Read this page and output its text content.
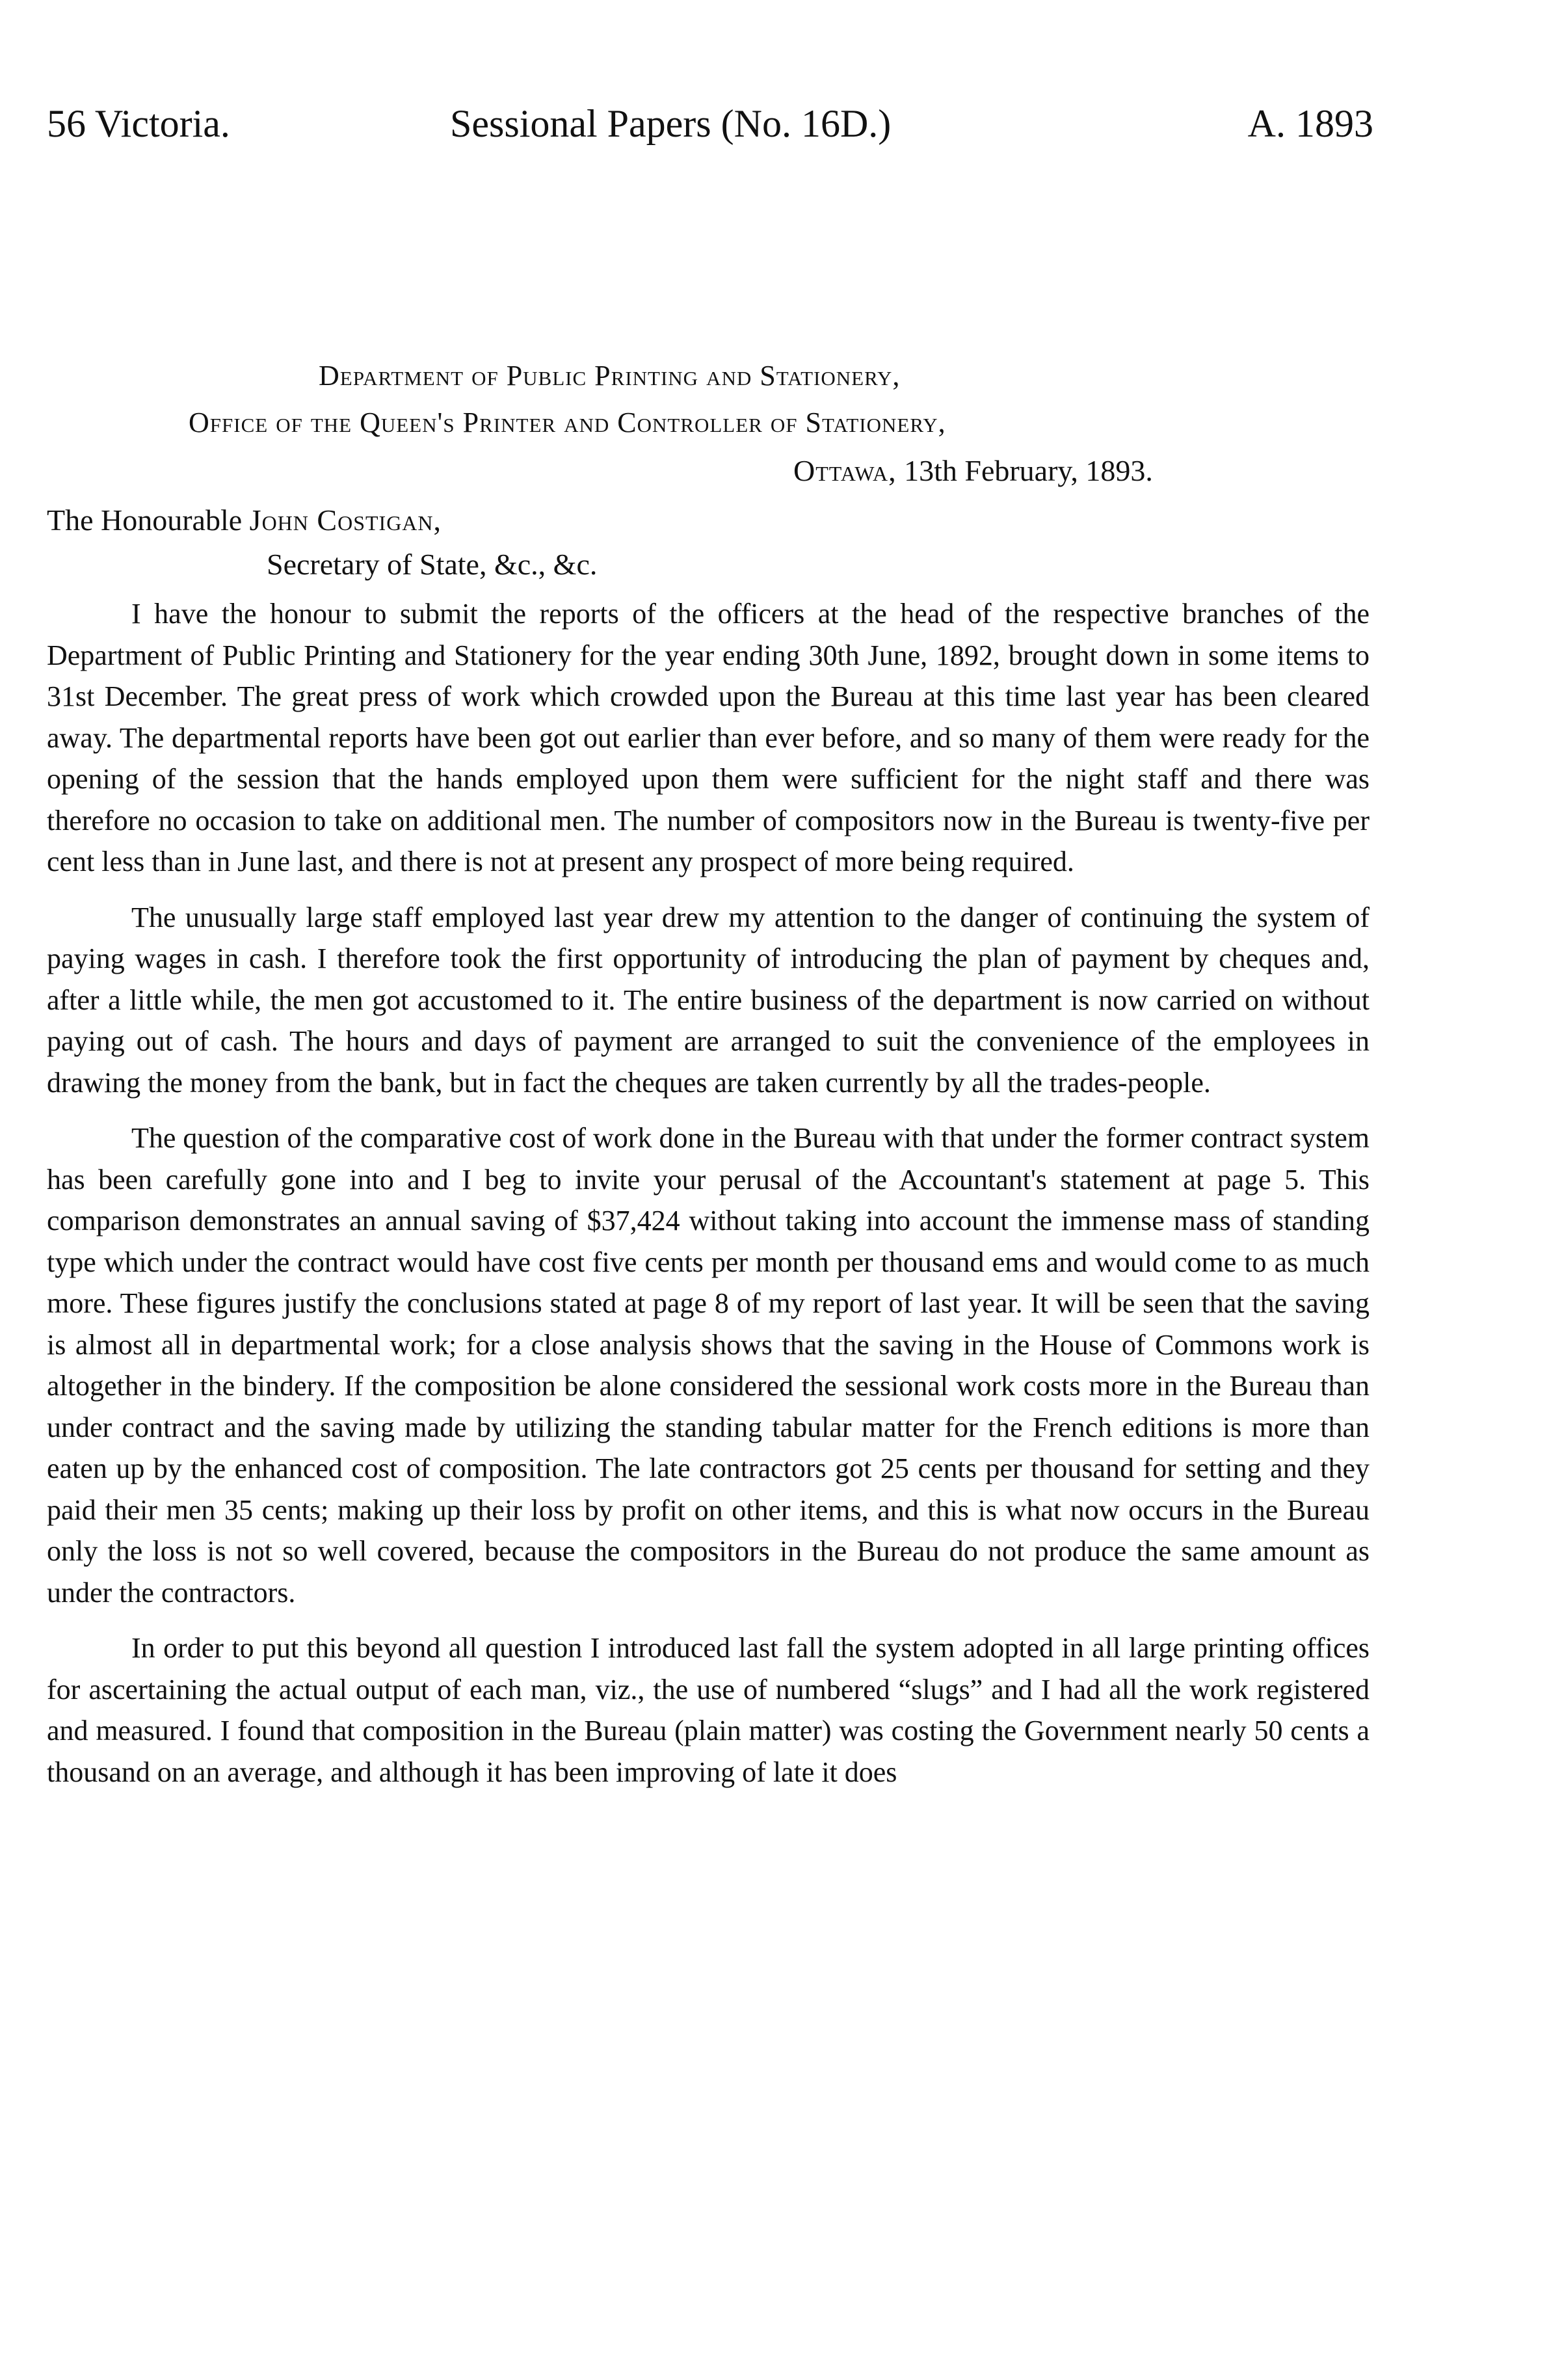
56 Victoria.	Sessional Papers (No. 16D.)	A. 1893
Department of Public Printing and Stationery,
Office of the Queen's Printer and Controller of Stationery,
Ottawa, 13th February, 1893.
The Honourable John Costigan,
Secretary of State, &c., &c.

I have the honour to submit the reports of the officers at the head of the respective branches of the Department of Public Printing and Stationery for the year ending 30th June, 1892, brought down in some items to 31st December. The great press of work which crowded upon the Bureau at this time last year has been cleared away. The departmental reports have been got out earlier than ever before, and so many of them were ready for the opening of the session that the hands employed upon them were sufficient for the night staff and there was therefore no occasion to take on additional men. The number of compositors now in the Bureau is twenty-five per cent less than in June last, and there is not at present any prospect of more being required.

The unusually large staff employed last year drew my attention to the danger of continuing the system of paying wages in cash. I therefore took the first opportunity of introducing the plan of payment by cheques and, after a little while, the men got accustomed to it. The entire business of the department is now carried on without paying out of cash. The hours and days of payment are arranged to suit the convenience of the employees in drawing the money from the bank, but in fact the cheques are taken currently by all the trades-people.

The question of the comparative cost of work done in the Bureau with that under the former contract system has been carefully gone into and I beg to invite your perusal of the Accountant's statement at page 5. This comparison demonstrates an annual saving of $37,424 without taking into account the immense mass of standing type which under the contract would have cost five cents per month per thousand ems and would come to as much more. These figures justify the conclusions stated at page 8 of my report of last year. It will be seen that the saving is almost all in departmental work; for a close analysis shows that the saving in the House of Commons work is altogether in the bindery. If the composition be alone considered the sessional work costs more in the Bureau than under contract and the saving made by utilizing the standing tabular matter for the French editions is more than eaten up by the enhanced cost of composition. The late contractors got 25 cents per thousand for setting and they paid their men 35 cents; making up their loss by profit on other items, and this is what now occurs in the Bureau only the loss is not so well covered, because the compositors in the Bureau do not produce the same amount as under the contractors.

In order to put this beyond all question I introduced last fall the system adopted in all large printing offices for ascertaining the actual output of each man, viz., the use of numbered “slugs” and I had all the work registered and measured. I found that composition in the Bureau (plain matter) was costing the Government nearly 50 cents a thousand on an average, and although it has been improving of late it does
